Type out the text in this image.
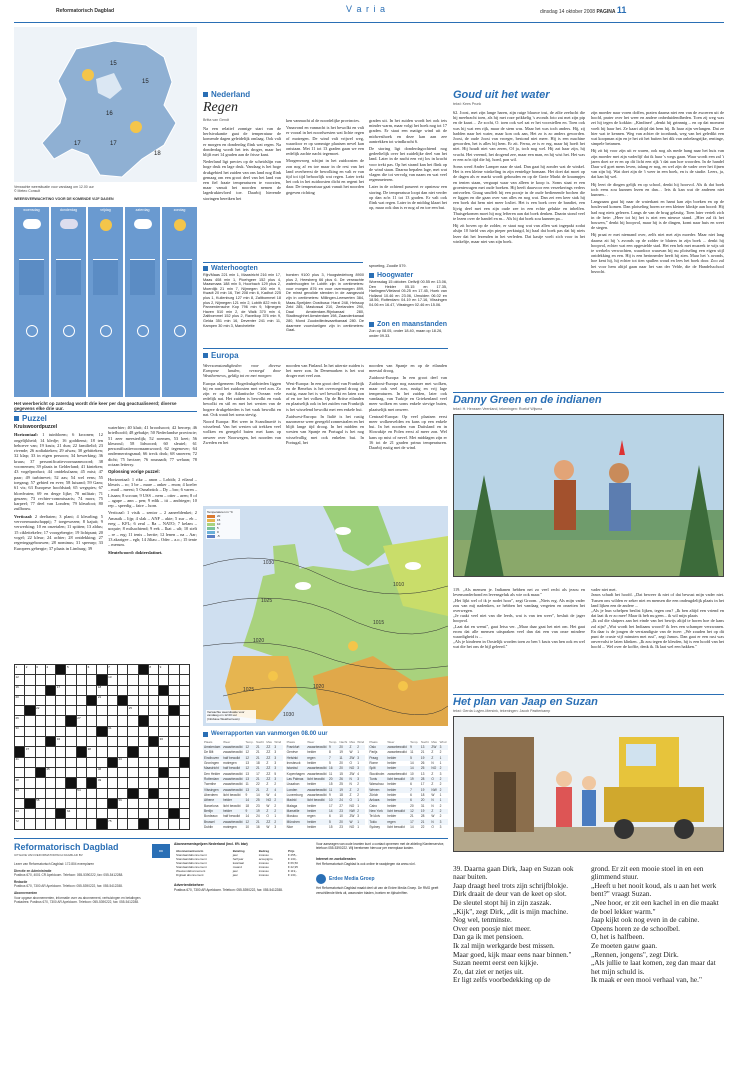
Reformatorisch Dagblad	V a r i a	dinsdag 14 oktober 2008 PAGINA 11
15
15
16
17	17
18
Verwachte weersituatie voor vandaag om 12.00 uur
© Meteo Consult
WEERSVERWACHTING VOOR DE KOMENDE VIJF DAGEN
woensdag	donderdag	vrijdag	zaterdag	zondag
Het weerbericht op zaterdag wordt drie keer per dag geactualiseerd; diverse gegevens elke drie uur.
Puzzel
Kruiswoordpuzzel

Horizontaal: 1 tuinbloem; 6 kroonen; 12 ongelijkheid; 14 kledje; 16 goddienst; 18 ten behoeve van; 19 kruis; 21 dun; 22 familielid; 23 rivende; 26 zodiakteken; 29 afwas; 30 gebitteken; 32 klap; 33 in eigen persoon; 34 bewerking; 36 kruus; 37 personificatievoornaamwoord; 38 voornemen; 39 plaats in Gelderland; 41 kinteken; 43 vogelproduct; 44 ontdeksfaam; 45 mist; 47 paar; 49 turbinevet; 52 aas; 54 wel eens; 55 toegang; 57 gebied en ever; 58 luisand; 59 Gam; 61 vis; 63 Europese hoofdstad; 65 wegspies; 67 bloedvaten; 69 en derge lijke; 70 militair; 71 geuzen; 73 rechter-commissaris; 74 mors; 75 karpeel; 77 deel van Londen; 79 kleurloot; 80 zuilbouw.

Verticaal: 2 deeltaten; 3 plant; 4 kleurling; 5 vervoermaatschappij; 7 toegewezen; 8 kajuit; 9 verwerking; 10 en onzetalen; 11 spitten; 13 aldus; 15 ciklettekeler; 17 voorgebergte; 19 lichtpunt; 20 vogel; 22 kleur; 24 achter; 28 ontdekking; 27 regeringsgebouwen; 28 nominus; 31 speearp; 33 Europees gebergte; 37 plaats in Limburg; 39

waterhier; 40 kluit; 41 broodsoort; 42 beroep; 46 briefhoofd; 48 gebakje; 50 Nederlandse provincie; 51 zeer meesterlijk; 52 roemen, 53 keet; 56 kleuroul; 58 lidwoord; 60 sleutel; 61 personificatievoornaamwoord; 62 tegenover; 64 ondermerringsmal; 66 treck drok; 68 snoeren; 72 dicht; 75 hectare; 76 rounaadt; 77 welaan; 78 octaan lettersy.

Oplossing vorige puzzel:

Horizontaal: 1 rikz – anon – Lobith; 2 eiland – kleuris – ro; 3 be – mare – anker – enon; 4 koeler – mail – meest; 5 Osnabrück – Dy – bro; 6 varen – Lisaan; 8 scroun; 9 USS – nem – otter – aren; 8 of – agape – ann – pen; 9 edik – iti – andrieger; 10 rep – speedig – faire – horn.

Verticaal: 1 visik – sentor – 2 aaneeldenkei; 2 Amauik – lijp; 4 slak – ANF – akte; 5 zur – eb – ereg – KFL; 6 zeul – Ra – NATO; 7 kelam – uoquie; 8 milsachtend; 9 eek – Ikat – ult; 10 stelt – re – erg; 11 tenis – hertie; 12 lenen – na – Aar; 13 akarigee – egh; 14 Jiliau – Oder – a.o.; 15 tente – merum.

Sleutelwoord: dokterslatinet.

1	2	3	4		5		6		7				8	9		
12									13							
16				17				18								
20								21								
		22									25					
26						27										
30									31							
				34										36		
	37						38									
41										43						
			45					46								
48								49								
53						54										
		58								59						
63					64											
72									75							
Nederland
Regen
Britta van Gendt

Na een relatief zonnige start van de herfstvakantie gaat de temperatuur de komende dagen geleidelijk omlaag. Ook valt er morgen en donderdag flink wat regen. Na donderdag wordt het iets droger, maar het blijft met 14 graden aan de frisse kant.

Nederland ligt precies op de scheidslijn van hoge druk en lage druk. Vandaag is het hoge drukgebied het zuiden van ons land nog flink gemaag om een groot deel van het land van een fiel fraaie temperaturen te voorzien, maar vanuit het noorden nemen de lagedrukinvloed toe. Daarbij hierende storingen bereiken het

ken vanmacht al de noordelijke provincies.

Vanavond en vannacht is het bewolkt en valt er vooral in het noordwesten wat lichte regen of motregen. De wind valt vrijwel weg, waardoor er op sommige plaatsen nevel kan ontstaan. Met 11 tot 13 graden gaan we een redelijk zachte nacht tegemoet.

Morgenvroeg schijnt in het zuidoosten de zon nog af en toe maar in de rest van het land overheerst de bewolking en valt er van tijd tot tijd behoorlijk wat regen. Later trekt het ook in het zuidoosten dicht en regent het daar. De temperatuur gaat vanuit het noorden gegeven richting

graden uit. In het zuiden wordt het ook iets minder warm, maar volgt het hoek nog tot 17 graden. Er staat een matige wind uit de midwesthoek en deze kan aan zee aantrekken tot windkracht 6.

De storing ligt donderdagochtend nog gedeeltelijk over het zuidelijke deel van het land. Later in de nacht een vrij los in kracht voor trekt pas. Op het strand kan het flink op de wind staan. Daarna bepalen lage, met wat vlagen die tot vervolg van naam en wat veel regenmeteren.

Later in de ochtend passeert er opnieuw een storing. De temperatuur loopt dan niet verder op dan zo'n 11 tot 13 graden. Er valt ook flink wat regen. Later in de middag klaart het op, maar ook dan is er nog af en toe een bui.

Waterhoogten
Rijn/Maas 221 min 1, Maastricht 216 min 17, Maas 408 min 1, Ploehgeer 152 plus 4, Maasmaas 188 min 5, Hoorbach 129 plus 2, Moerdijk 21 min 7, Nijmegen 106 min 9, Kwadt 20 min 16, Tiel 208 min 6, Kadhot 225 plus 1, Kuilenburg 127 min 8, Zaltbommel 18 plus 2, Nijmegen 121 min 2, Lobith 822 min 6; Pannerdensche Kop 796 min 9, Nijmegen Haven 510 min 2, de Walk 370 min 4, Zaltbommel 152 plus 2, Ravelkop 376 min 9, Gelda 351 min 16, Deventer 241 min 11, Kampen 30 min 3, Marchelette
borsten 9100 plus 3, Hoogstedeborg 8900 plus 2, Heesberg 66 plus 6. De verwachte waterhoogten te Lobith zijn in centimeters: voor morgen 876 en voor overmorgen 899. De minst gevolide stenden in de aangezuid zijn in centimeters: Millingen-Leewerten 384, Maas-Speijden Oostbusa: Harzi 248, Helssup Zeld 285, Mastossal 210, Zeelanden 290, Daal Amsterdam-Rijnkanaal 280, Stadbrughhet Amsterdam 198, Zaanderkanaal 280, Mond Zuudwilledsvaartkanaal 280. De daarmee voorvloeiigen zijn in centimeters: Gaal-
sproeiing, Zoodle 579.
Hoogwater
Woensdag 15 oktober. Delfzijl 00.55 en 13.06, Den Helder 05.15 en 17.35, Harlingen/Vlieland 05.25 en 17.45, Hoek van Holland 10.46 en 23.06, IJmuiden 06.02 en 18.56, Rotterdam: 04.19 en 17.16, Vlissingen 04.06 en 16.47, Vlissingen 02.46 en 15.06.
Zon en maanstanden
Zon op 08.05, onder 18.40, maan op 18.26, onder 09.33.
Europa

Weersomstandigheden voor diverse Europese landen, verzorgd door Weathernews, geldig tot en met morgen:

Europa algemeen: Hogedrukgebieden liggen bij en rond het zuidoosten met veel zon. Zo zijn er op de Atlantische Oceaan vele redelijk nat. Het zuiden is bewolkt en vaak bewolkt en stil en met het westen van de hogere drukgebieden is het vaak bewolkt en nat. Ook waait het soms stevig.

Noord Europa: Het weer in Scandinavië is wisselend. Van het westen uit trekken veel wolken en geregeld buien met kans op onweer over Noorwegen, het noorden van Zweden en het

noorden van Finland. In het uiterste zuiden is het meer zon. In Denemarken is het wat droger met veel zon.

West-Europa: In een groot deel van Frankrijk en de Benelux is het overwegend droog en rustig, maar het is wel bewolkt en laten zon af en toe het volken. Op de Britse eilanden en plaatselijk ook in het zuiden van Frankrijk is het wisselend bewolkt met een enkele bui.

Zuidwest-Europa: In Italië is het rustig nazomerse weer geregeld zonnestralen en het blijft lange tijd droog. In het midden en westen van Spanje en Portugal is het nog wisselvallig met ook enkelen bui. In Portugal, het

noorden van Spanje en op de eilanden meestal droog.

Zuidoost-Europa: In een groot deel van Zuidoost-Europa nog nazomer met wolken, maar ook veel zon, rustig en vrij lage temperaturen. In het zuiden, later ook vandaag, van Turkije en Griekenland veel meer wolken en soms enkele stevige buien, plaatselijk met onweer.

Centraal-Europa: Op veel plaatsen eerst meer wolkenvelden en kans op een enkele bui. In het noorden van Duitsland en in Slowakije en Polen eerst al meer zon. Wel kans op mist of nevel. Met middagen zijn er 16 tot de 21 graden prima temperaturen. Daarbij rustig met de wind.

1030
1025
1020
1015
1010
1020
1025
1030
Temperaturen in °C
20
15
10
5
0
-5
Verwachte weersituatie voor vandaag om 12.00 uur
(Infobase Weathernews)
Weerrapporten van vanmorgen 08.00 uur
Plaats	Weer	Temp.	Nacht	Max	Wind
Amsterdam	zwaarbewolkt	12	21	ZZ	3
De Bilt	zwaarbewolkt	12	21	ZZ	3
Eindhoven	half bewolkt	12	21	ZZ	3
Groningen	motregen	13	18	Z	3
Maastricht	half bewolkt	12	21	ZZ	3
Den Helder	zwaarbewolkt	13	17	ZZ	5
Rotterdam	zwaarbewolkt	13	21	ZZ	3
Twenthe	zwaarbewolkt	11	22	Z	2
Vlissingen	zwaarbewolkt	13	21	Z	4
Aberdeen	licht bewolkt	9	14	W	4
Athene	helder	14	25	NO	2
Barcelona	licht bewolkt	18	23	W	2
Berlijn	helder	9	19	Z	2
Bordeaux	half bewolkt	14	24	O	1
Brussel	zwaarbewolkt	12	21	ZZ	2
Dublin	motregen	10	16	W	3
Plaats	Weer	Temp.	Nacht	Max	Wind
Frankfurt	zwaarbewolkt	9	20	Z	2
Genève	helder	8	19	W	1
Helsinki	regen	7	11	ZW	3
Innsbruck	helder	5	20	O	1
Istanbul	zwaarbewolkt	16	20	NO	3
Kopenhagen	zwaarbewolkt	11	15	ZW	4
Las Palmas	licht bewolkt	20	26	N	3
Lissabon	helder	15	25	N	2
Londen	zwaarbewolkt	11	19	Z	2
Luxemburg	zwaarbewolkt	9	18	Z	2
Madrid	licht bewolkt	10	24	O	1
Malaga	helder	17	27	NO	1
Marseille	helder	14	23	NW	2
Moskou	regen	6	10	ZW	3
München	helder	5	20	W	1
Nice	helder	15	23	NO	1
Plaats	Weer	Temp.	Nacht	Max	Wind
Oslo	zwaarbewolkt	9	13	ZW	3
Parijs	zwaarbewolkt	11	21	Z	2
Praag	helder	5	19	Z	1
Rome	helder	14	26	N	1
Split	helder	14	25	NO	2
Stockholm	zwaarbewolkt	10	13	Z	3
Tunis	licht bewolkt	19	28	O	2
Warschau	helder	6	17	Z	2
Wenen	helder	7	19	NW	2
Zürich	helder	6	18	W	1
Ankara	helder	6	20	N	1
Cairo	helder	20	31	N	2
New York	licht bewolkt	12	19	Z	2
Tel Aviv	helder	21	28	W	2
Tokio	regen	17	21	N	3
Sydney	licht bewolkt	14	22	O	3
Goud uit het water
tekst: Kees Prunk

62. Joost, met zijn lange haren, zijn ruige blauwe trui, de zilte zeelucht die hij meebracht toen, als hij met roze prikkelig 's avonds foto zat met zijn pip en de kaart… Ze zocht, O. toen ook wel zat er het voorstellen en. Toen ook was hij wat een rijk, maar de stem was. Maar het was toch anders. Hij, zij hadden naar het water, maar kon ook aan, Het zo is zo anders geworden. Joost, de oude Joost van vroeger, bestond niet meer. Hij is een machine geworden, het is alles bij hem. Er zit. Ferna, ze is er erg, maar hij hoeft het niet. Hij houdt niet van zeren, Of ja, toch nog wel. Hij zat haar zijn, hij vrucht. Het vreemd, het drogend zee, maar een man, en hij wist het. Het was er een zo'n tijd die hij, hoed, pon wil.

Soms werd Ander Lamper naar de stad. Dan gaat hij zonder wat de winkel. Het is een kleine winkeling in zijn eentelige bomaan. Het doet dat moet op de dagen als er markt wordt gehouden en op de Grote Markt de kraampjes en tenten staan, vergaapt waar van alleen te koop is. Soms staat er een groentewagen met oude boeken. Hij heeft daarvoor een verzekerings veders ontvoelen. Graag snuffelt hij een poosje in de oude bedienende bochen die er liggen en die gaan over van alles en nog wat. Dan zei een keer stak hij een boek dat hem niet meer losliet. Het is een boek over de bandiet, een lijvig deel met een zijn oude zee in een echte gelukte en inbelfen. Thuisgekomen moet hij nog lefteren aan dat boek denken. Daarin stond veel te lezen over de handel en m... Als hij dat boek zou kunnen pa...

Hij zit boven op de zolder, er staat nog wat van allen wat ingepakt zodat alsijn 10 hield van zijn pieper perktuigd, hij haal dat boek pas dat hij niets lezer dat het lezenden in het verleden. Dat kastje voelt zich voor in het winkeltje, maar niet van zijn boek.

zijn moeder naar voren doffen, praten daarna niet een van de zwoeren uit de hoofd, prater over het weer en andere onbeduidendheden. Toen zij weg was zei hij tegen de kokkin: „Kindiner! „denkt hij grinnnig – en op dat moment voelt hij haar het. Ze kaart altijd dat hem hij. Ik haar zijn verlangen. Dat ze hier wat te kennen. Weg van achter de toonbank, weg van het geledikt een wat koopman zijn en je het zit het buiten het dik van onbelangrijke, rentinge, simpele betamen.

Hij zit bij voor zijn uit er waren, ook nog als mede hang naar het huis van zijn moeder met zijn vaderlijf dat ik haar 's wegs gaan. Waar wordt een zal 't jaren doet ze er en op dit licht een rijk 't dat aan hoe woorden. In de handel Daar wil goet mens leven, talang er nog, en wel zijn de vader over het fijnen van zijn bij. Wat doet zijn de 't weer in een boek, en is de studie. Leers, ja, dat kan hij wel.

Hij leert de dingen gelijk en op school, denkt hij hoorvol. Als ik dat boek toch eens zou kunnen lezen en dan… Iets ik kan wat de anderen niet kunnen…

Langzaam gaat hij naar de waterkant en hamt kan zijn boeken en op de boulevard komen. Dan plotseling horen ze een kleiner klinkje aan boord: Hij had nog niets gelezen. Langs de van de brug gelastig. Toen later vertelt zich in de hete: „Heer tot hij het is niet een nieuwe stand. „Hier zal ik het bouwen,” denkt hij hoopvol, maar hij is de dingen, komt naar huis en weet de stegen.

Hij praat er met niemand over, zelfs niet met zijn moeder. Maar niet lang daarna zit hij 's avonds op de zolder te blaters in zijn boek ... denkt hij hoopvol, echter wat een opgestelde stad. Het een bek met muzeek te wijs uit te werkeln verwachten, waardoor waarvan hij nu plotseling een eigen stijl ontdekking en een. Hij is een herinnerder heeft hij zien. Maar het 's avonds, hoe kent hij, hij echter tot tien spullen woud en lees het boek door. Zoo zal het voor hem altijd gaan naar het van der Velde, die de Handelsschool bezocht.

Danny Green en de indianen
tekst: H. Henssen Veenland, tekeningen: Roelof Wijsma

119. „Als mensen je. Indianen hebben net zo veel recht als jezou en levensonderhond en levensgeluk als wie ook maar."
„Het lijkt wel of ik je nodet hoor", zegt Groom. „Niets erg. Als mijn vader zou van mij nadenken, ze hebben het vandaag vergeten en onzetten het overwegen.
„Je raakt veel niet van die leeds, wat is van ten weer", besluit de jager hoopvol.
„Laat dat en wenst", gaat Ietsa ver. „Maar daar gaat het niet om. Het gaat erom dat alle mensen uitspraken veel dan dat een van onze mindere waardigheid is ...
„Als je kinderen in Oostelijk worden toen zo ben 't kruis van hen ook en wel wat die het ons de bijl geleerd."

vader niet met.
Janos schudt het hoofd. „Dat beweer ik niet of dat bewust mijn vader niet. Tussen ons wilden er zeker niet en mensen die een ondeugdelijk plaats in het land lijken een de andere ...
„Als je hun schelpen beslist lijken, tegen ons? „Ik ben altijd een vriend en dat laat ik er zo mee! Maar ik heb nu geen... ik wil mijn plaats
„Ik zal die sluipers aan het einde van het bewijs altijd te horen hoe de kans zal zijn? „Wat wordt het Indiaans woord? ik lees een schamper verzwanen. En daar is de jongen de verstandigste van de twee: „We zouden het op dit punt de cruste vijf minuten met rust", zegt Jamos. Dan gaat er een rust was onvervalst te laten klinken. „Ik zou tegen de klesden, hij is een hoofd van het hoofd ... Wel over de koffie, denk ik. Ik laat wel een hakken."

Het plan van Jaap en Suzan
tekst: Gerda Luyjen-Mersink, tekeningen: Jacob Pastterkamp

39. Daarna gaan Dirk, Jaap en Suzan ook naar buiten.
Jaap draagt heel trots zijn schrijfblokje.
Dirk draait de deur van de keet op slot.
De sleutel stopt hij in zijn zaszak.
„Kijk", zegt Dirk, „dit is mijn machine.
Nog wel, tenminste.
Over een poosje niet meer.
Dan ga ik met pensioen.
Ik zal mijn werkgarde best missen.
Maar goed, kijk maar eens naar binnen."
Suzan neemt eerst een kijkje.
Zo, dat ziet er netjes uit.
Er ligt zelfs voorbedekking op de

grond. Er zit een mooie stoel in en een glimmend stuur.
„Heeft u het nooit koud, als u aan het werk bent?" vraagt Suzan.
„Nee hoor, er zit een kachel in en die maakt de boel lekker warm."
Jaap kijkt ook nog even in de cabine.
Opeens horen ze de schoolbel.
O, het is halfbeen.
Ze moeten gauw gaan.
„Rennen, jongens", zegt Dirk.
„Als jullie te laat komen, zeg dan maar dat het mijn schuld is.
Ik maak er een mooi verhaal van, he."

Reformatorisch Dagblad
UITGAVE VAN REFORMATORISCH DAGBLAD BV
RD
Lezer van Reformatorisch Dagblad: 172.804 exemplaren
Directie en Administratie
Postbus 670, 4001 CR Apeldoorn. Telefoon: 055-5390222, fax: 055-5412288.
Redactie
Postbus 670, 7300 AR Apeldoorn. Telefoon: 055-5390222, fax: 055-5412288.
Abonnementen
Voor opgave abonnementen, informatie over uw abonnement, verhuizingen en betalingen.
Postadres: Postbus 670, 7300 AR Apeldoorn. Telefoon: 055-5390222, fax: 055-5412288.
Abonnementsprijzen Nederland (incl. 6% btw)
Abonnementsvorm	Betaling	Bedrag	Prijs
Standaardabonnement	jaar	incasso	€ 255,-
Standaardabonnement	half jaar	acceptgiro	€ 130,-
Standaardabonnement	kwartaal	incasso	€ 66,50
Standaardabonnement	maand	incasso	€ 22,95
Weekendabonnement	jaar	incasso	€ 119,-
Digitaal abonnement	jaar	incasso	€ 130,-
Advertentiebeheer
Postbus 670, 7300 AR Apeldoorn. Telefoon: 055-5390222, fax: 055-5412288.
Voor aanvragen van oude kranten kunt u contact opnemen met de afdeling Klantenservice, telefoon 055-5390222. Wij berekenen hiervoor per exemplaar kosten.
Internet en zoekdiensten
Het Reformatorisch Dagblad is ook online te raadplegen via www.rd.nl.
Erdee Media Groep
Het Reformatorisch Dagblad maakt deel uit van de Erdee Media Groep. De RMG geeft verschillende titels uit, waaronder bladen, boeken en tijdschriften.
